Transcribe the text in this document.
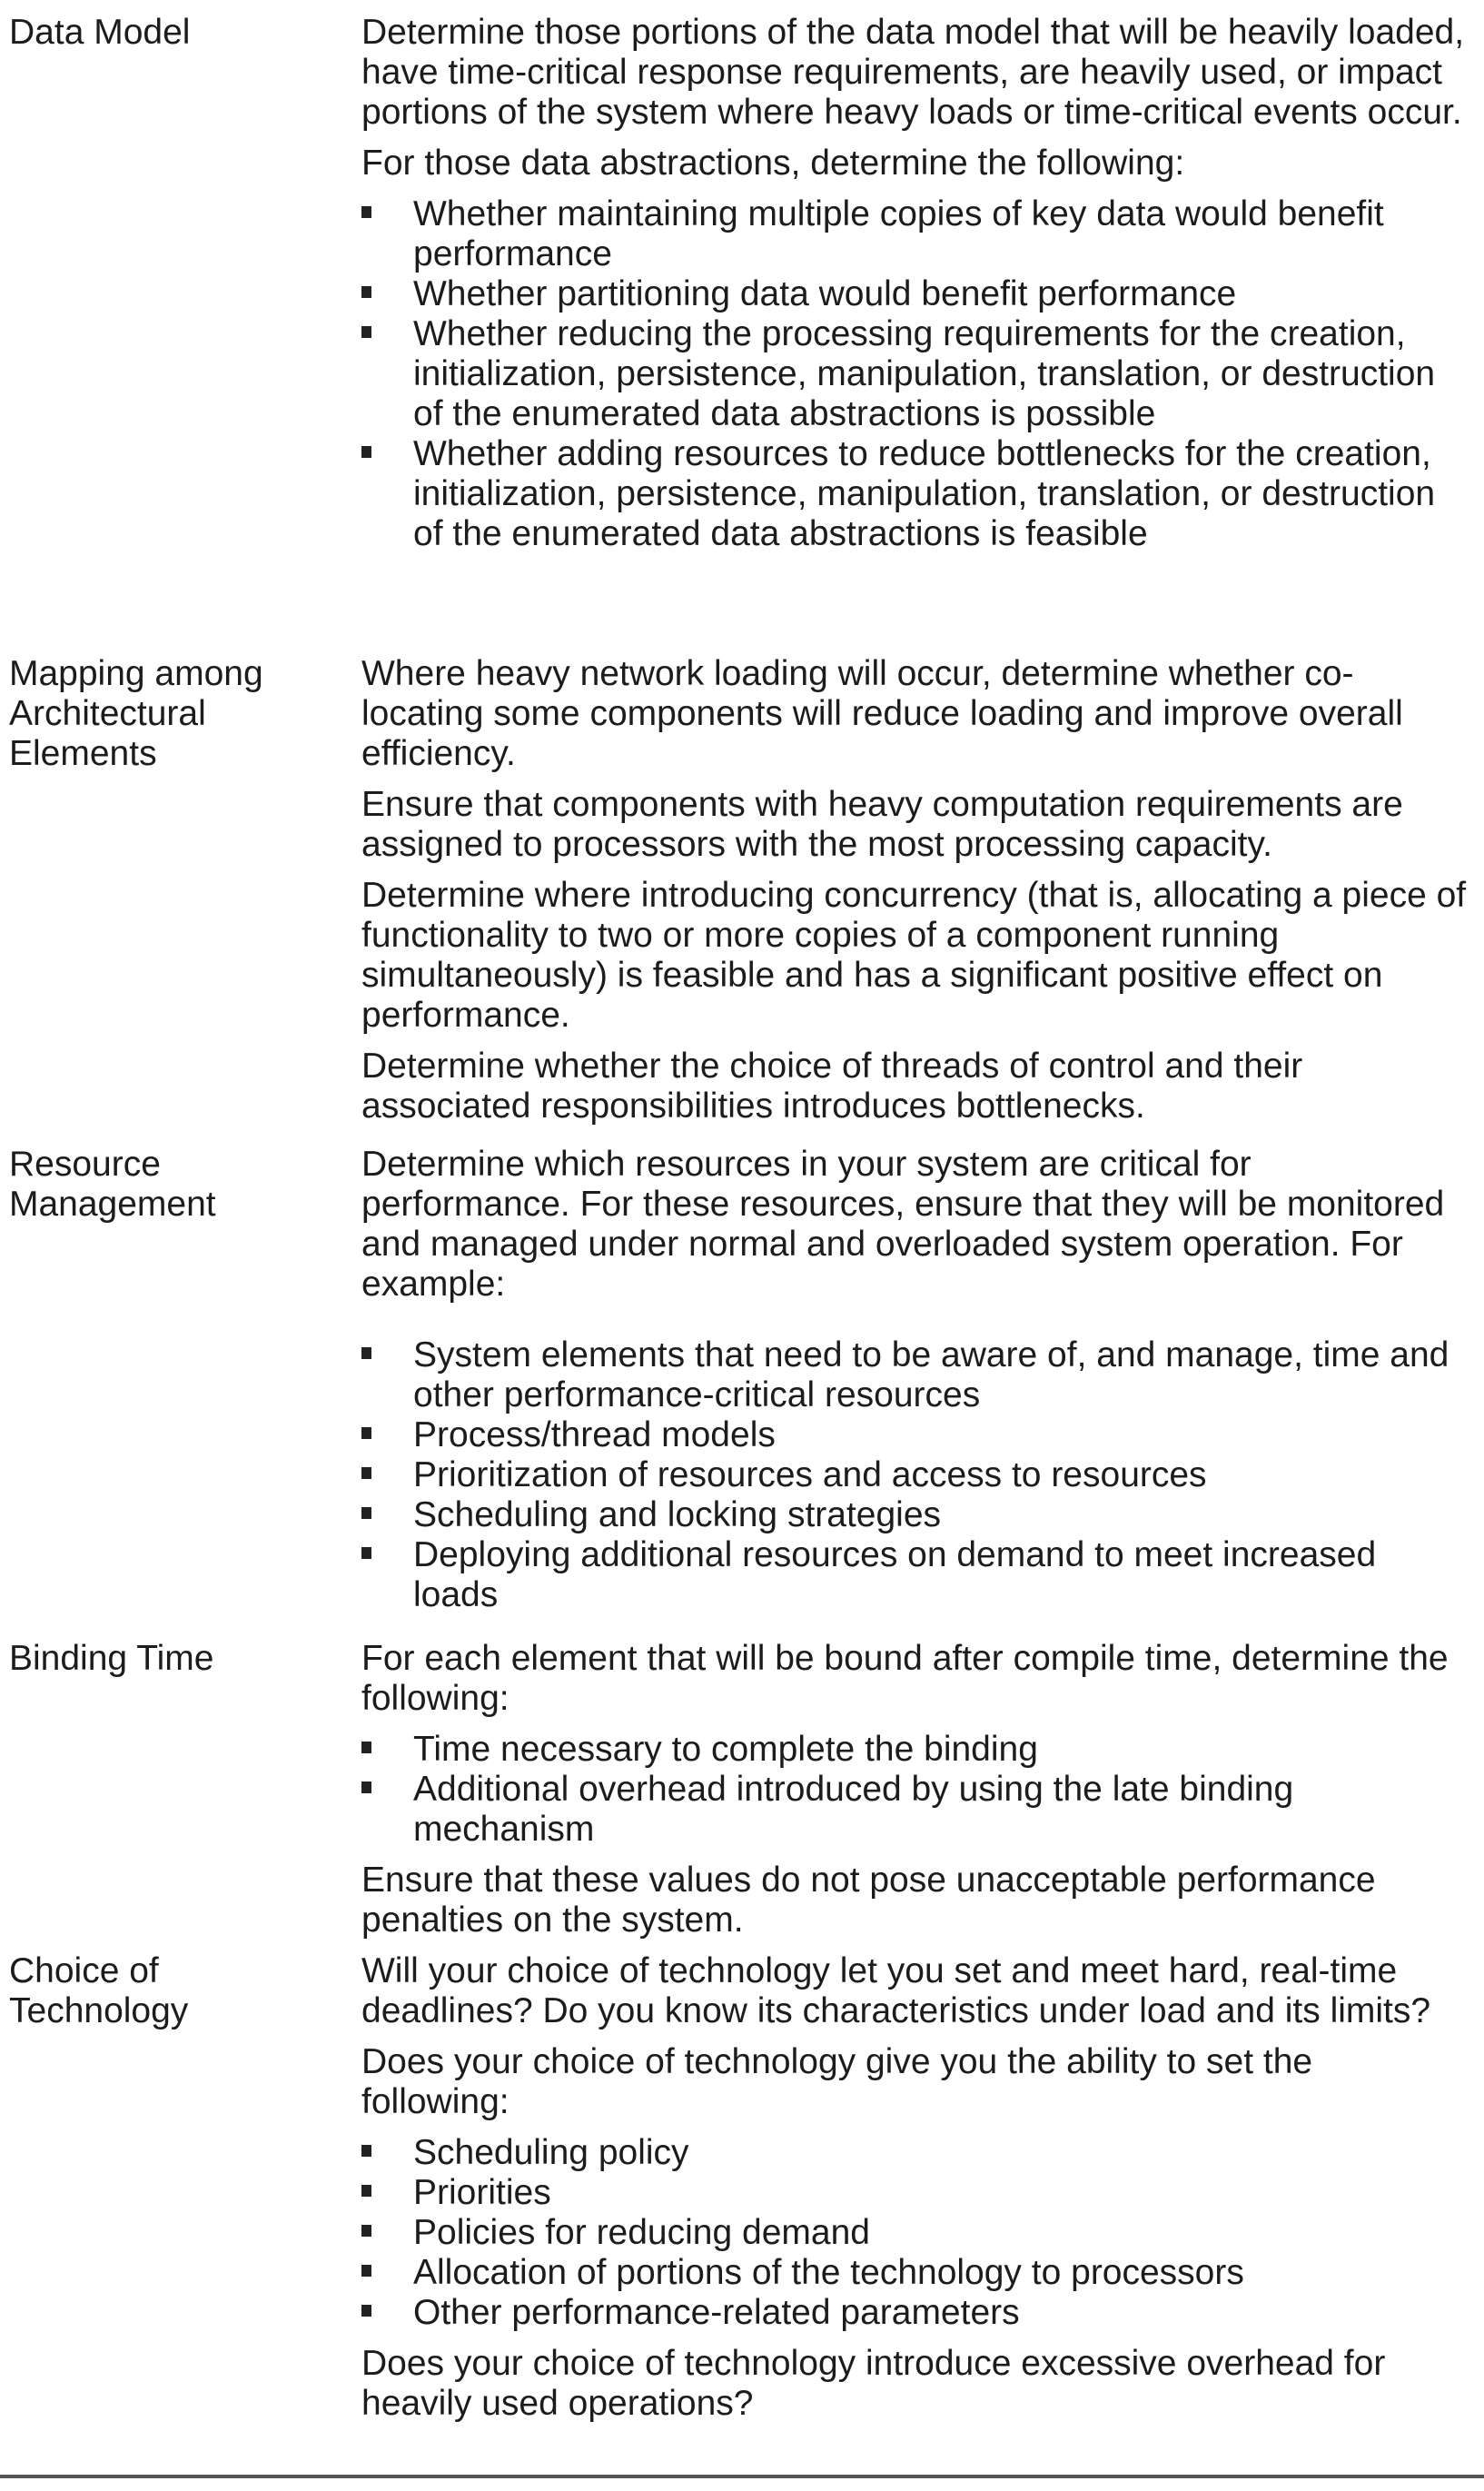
Data Model	Determine those portions of the data model that will be heavily loaded, have time-critical response requirements, are heavily used, or impact portions of the system where heavy loads or time-critical events occur.

For those data abstractions, determine the following:

Whether maintaining multiple copies of key data would benefit performance
Whether partitioning data would benefit performance
Whether reducing the processing requirements for the creation, initialization, persistence, manipulation, translation, or destruction of the enumerated data abstractions is possible
Whether adding resources to reduce bottlenecks for the creation, initialization, persistence, manipulation, translation, or destruction of the enumerated data abstractions is feasible
Mapping among Architectural Elements

Where heavy network loading will occur, determine whether co-locating some components will reduce loading and improve overall efficiency.

Ensure that components with heavy computation requirements are assigned to processors with the most processing capacity.

Determine where introducing concurrency (that is, allocating a piece of functionality to two or more copies of a component running simultaneously) is feasible and has a significant positive effect on performance.

Determine whether the choice of threads of control and their associated responsibilities introduces bottlenecks.

Resource Management

Determine which resources in your system are critical for performance. For these resources, ensure that they will be monitored and managed under normal and overloaded system operation. For example:

System elements that need to be aware of, and manage, time and other performance-critical resources
Process/thread models
Prioritization of resources and access to resources
Scheduling and locking strategies
Deploying additional resources on demand to meet increased loads
Binding Time	For each element that will be bound after compile time, determine the following:

Time necessary to complete the binding
Additional overhead introduced by using the late binding mechanism

Ensure that these values do not pose unacceptable performance penalties on the system.

Choice of Technology

Will your choice of technology let you set and meet hard, real-time deadlines? Do you know its characteristics under load and its limits?

Does your choice of technology give you the ability to set the following:

Scheduling policy
Priorities
Policies for reducing demand
Allocation of portions of the technology to processors
Other performance-related parameters

Does your choice of technology introduce excessive overhead for heavily used operations?
